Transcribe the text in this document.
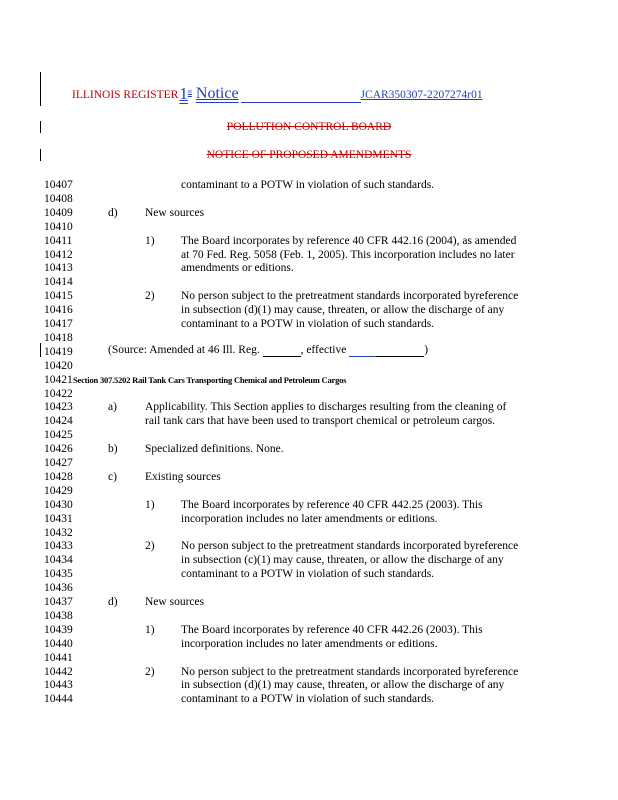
ILLINOIS REGISTER1st Notice	JCAR350307-2207274r01
POLLUTION CONTROL BOARD
NOTICE OF PROPOSED AMENDMENTS
10407	contaminant to a POTW in violation of such standards.
10408
10409	d) New sources
10410
10411	1) The Board incorporates by reference 40 CFR 442.16 (2004), as amended
10412	at 70 Fed. Reg. 5058 (Feb. 1, 2005). This incorporation includes no later
10413	amendments or editions.
10414
10415	2) No person subject to the pretreatment standards incorporated byreference
10416	in subsection (d)(1) may cause, threaten, or allow the discharge of any
10417	contaminant to a POTW in violation of such standards.
10418
10419
10420
10421
10422
10423	a) Applicability. This Section applies to discharges resulting from the cleaning of
10424	rail tank cars that have been used to transport chemical or petroleum cargos.
10425
10426	b) Specialized definitions. None.
10427
10428	c) Existing sources
10429
10430	1) The Board incorporates by reference 40 CFR 442.25 (2003). This
10431	incorporation includes no later amendments or editions.
10432
10433	2) No person subject to the pretreatment standards incorporated byreference
10434	in subsection (c)(1) may cause, threaten, or allow the discharge of any
10435	contaminant to a POTW in violation of such standards.
10436
10437	d) New sources
10438
10439	1) The Board incorporates by reference 40 CFR 442.26 (2003). This
10440	incorporation includes no later amendments or editions.
10441
10442	2) No person subject to the pretreatment standards incorporated byreference
10443	in subsection (d)(1) may cause, threaten, or allow the discharge of any
10444	contaminant to a POTW in violation of such standards.
(Source: Amended at 46 Ill. Reg.	, effective	)
Section 307.5202 Rail Tank Cars Transporting Chemical and Petroleum Cargos
